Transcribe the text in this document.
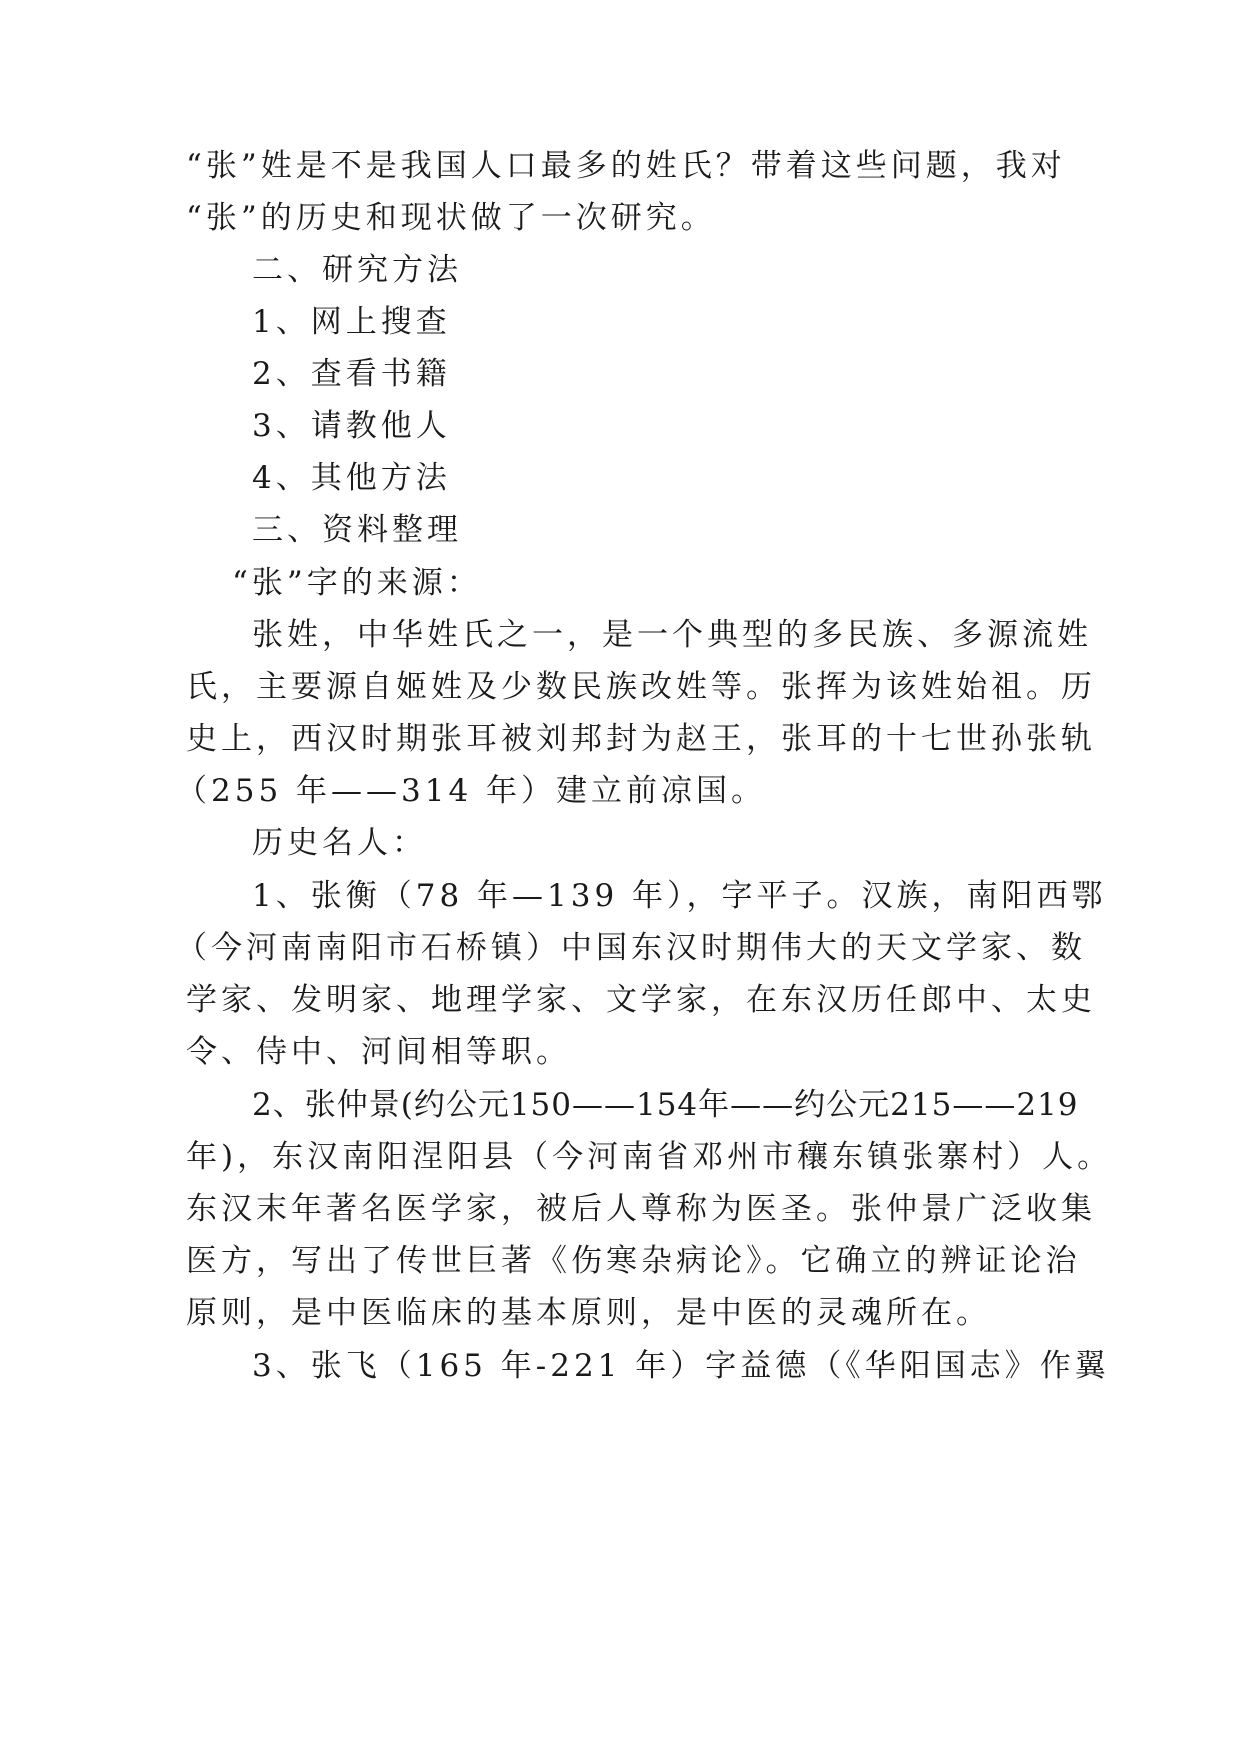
“张”姓是不是我国人口最多的姓氏？带着这些问题，我对
“张”的历史和现状做了一次研究。
二、研究方法
1、网上搜查
2、查看书籍
3、请教他人
4、其他方法
三、资料整理
“张”字的来源：
张姓，中华姓氏之一，是一个典型的多民族、多源流姓
氏，主要源自姬姓及少数民族改姓等。张挥为该姓始祖。历
史上，西汉时期张耳被刘邦封为赵王，张耳的十七世孙张轨
（255 年——314 年）建立前凉国。
历史名人：
1、张衡（78 年—139 年），字平子。汉族，南阳西鄂
（今河南南阳市石桥镇）中国东汉时期伟大的天文学家、数
学家、发明家、地理学家、文学家，在东汉历任郎中、太史
令、侍中、河间相等职。
2、张仲景(约公元150——154年——约公元215——219
年)，东汉南阳涅阳县（今河南省邓州市穰东镇张寨村）人。
东汉末年著名医学家，被后人尊称为医圣。张仲景广泛收集
医方，写出了传世巨著《伤寒杂病论》。它确立的辨证论治
原则，是中医临床的基本原则，是中医的灵魂所在。
3、张飞（165 年-221 年）字益德（《华阳国志》作翼
